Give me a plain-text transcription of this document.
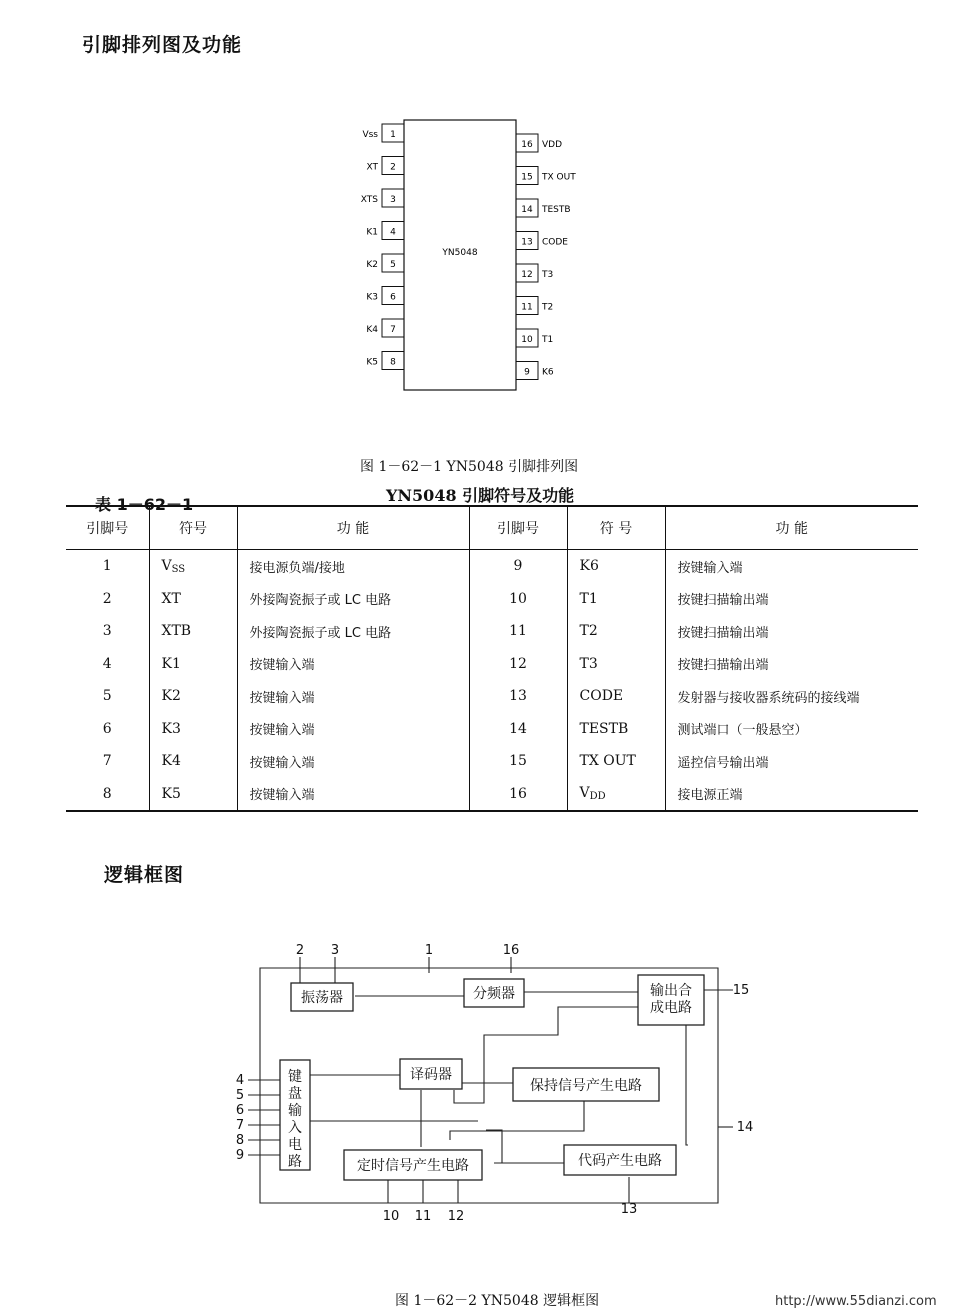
引脚排列图及功能
YN5048
1
Vss
2
XT
3
XTS
4
K1
5
K2
6
K3
7
K4
8
K5
16 VDD
15 TX OUT
14 TESTB
13 CODE
12 T3
11 T2
10 T1
9 K6
图 1－62－1 YN5048 引脚排列图
表 1－62－1	YN5048 引脚符号及功能
引脚号	符号	功 能	引脚号	符 号	功 能
1	$V_{SS}$	接电源负端/接地	9	K6	按键输入端
2	XT	外接陶瓷振子或 LC 电路	10	T1	按键扫描输出端
3	XTB	外接陶瓷振子或 LC 电路	11	T2	按键扫描输出端
4	K1	按键输入端	12	T3	按键扫描输出端
5	K2	按键输入端	13	CODE	发射器与接收器系统码的接线端
6	K3	按键输入端	14	TESTB	测试端口（一般悬空）
7	K4	按键输入端	15	TX OUT	遥控信号输出端
8	K5	按键输入端	16	$V_{DD}$	接电源正端
逻辑框图
振荡器	分频器	输出合成电路
译码器
保持信号产生电路
代码产生电路
定时信号产生电路
键盘输入电路
2 3	1	16
15
14
4
5
6
7
8
9
10 11 12	13
图 1－62－2 YN5048 逻辑框图	http://www.55dianzi.com
